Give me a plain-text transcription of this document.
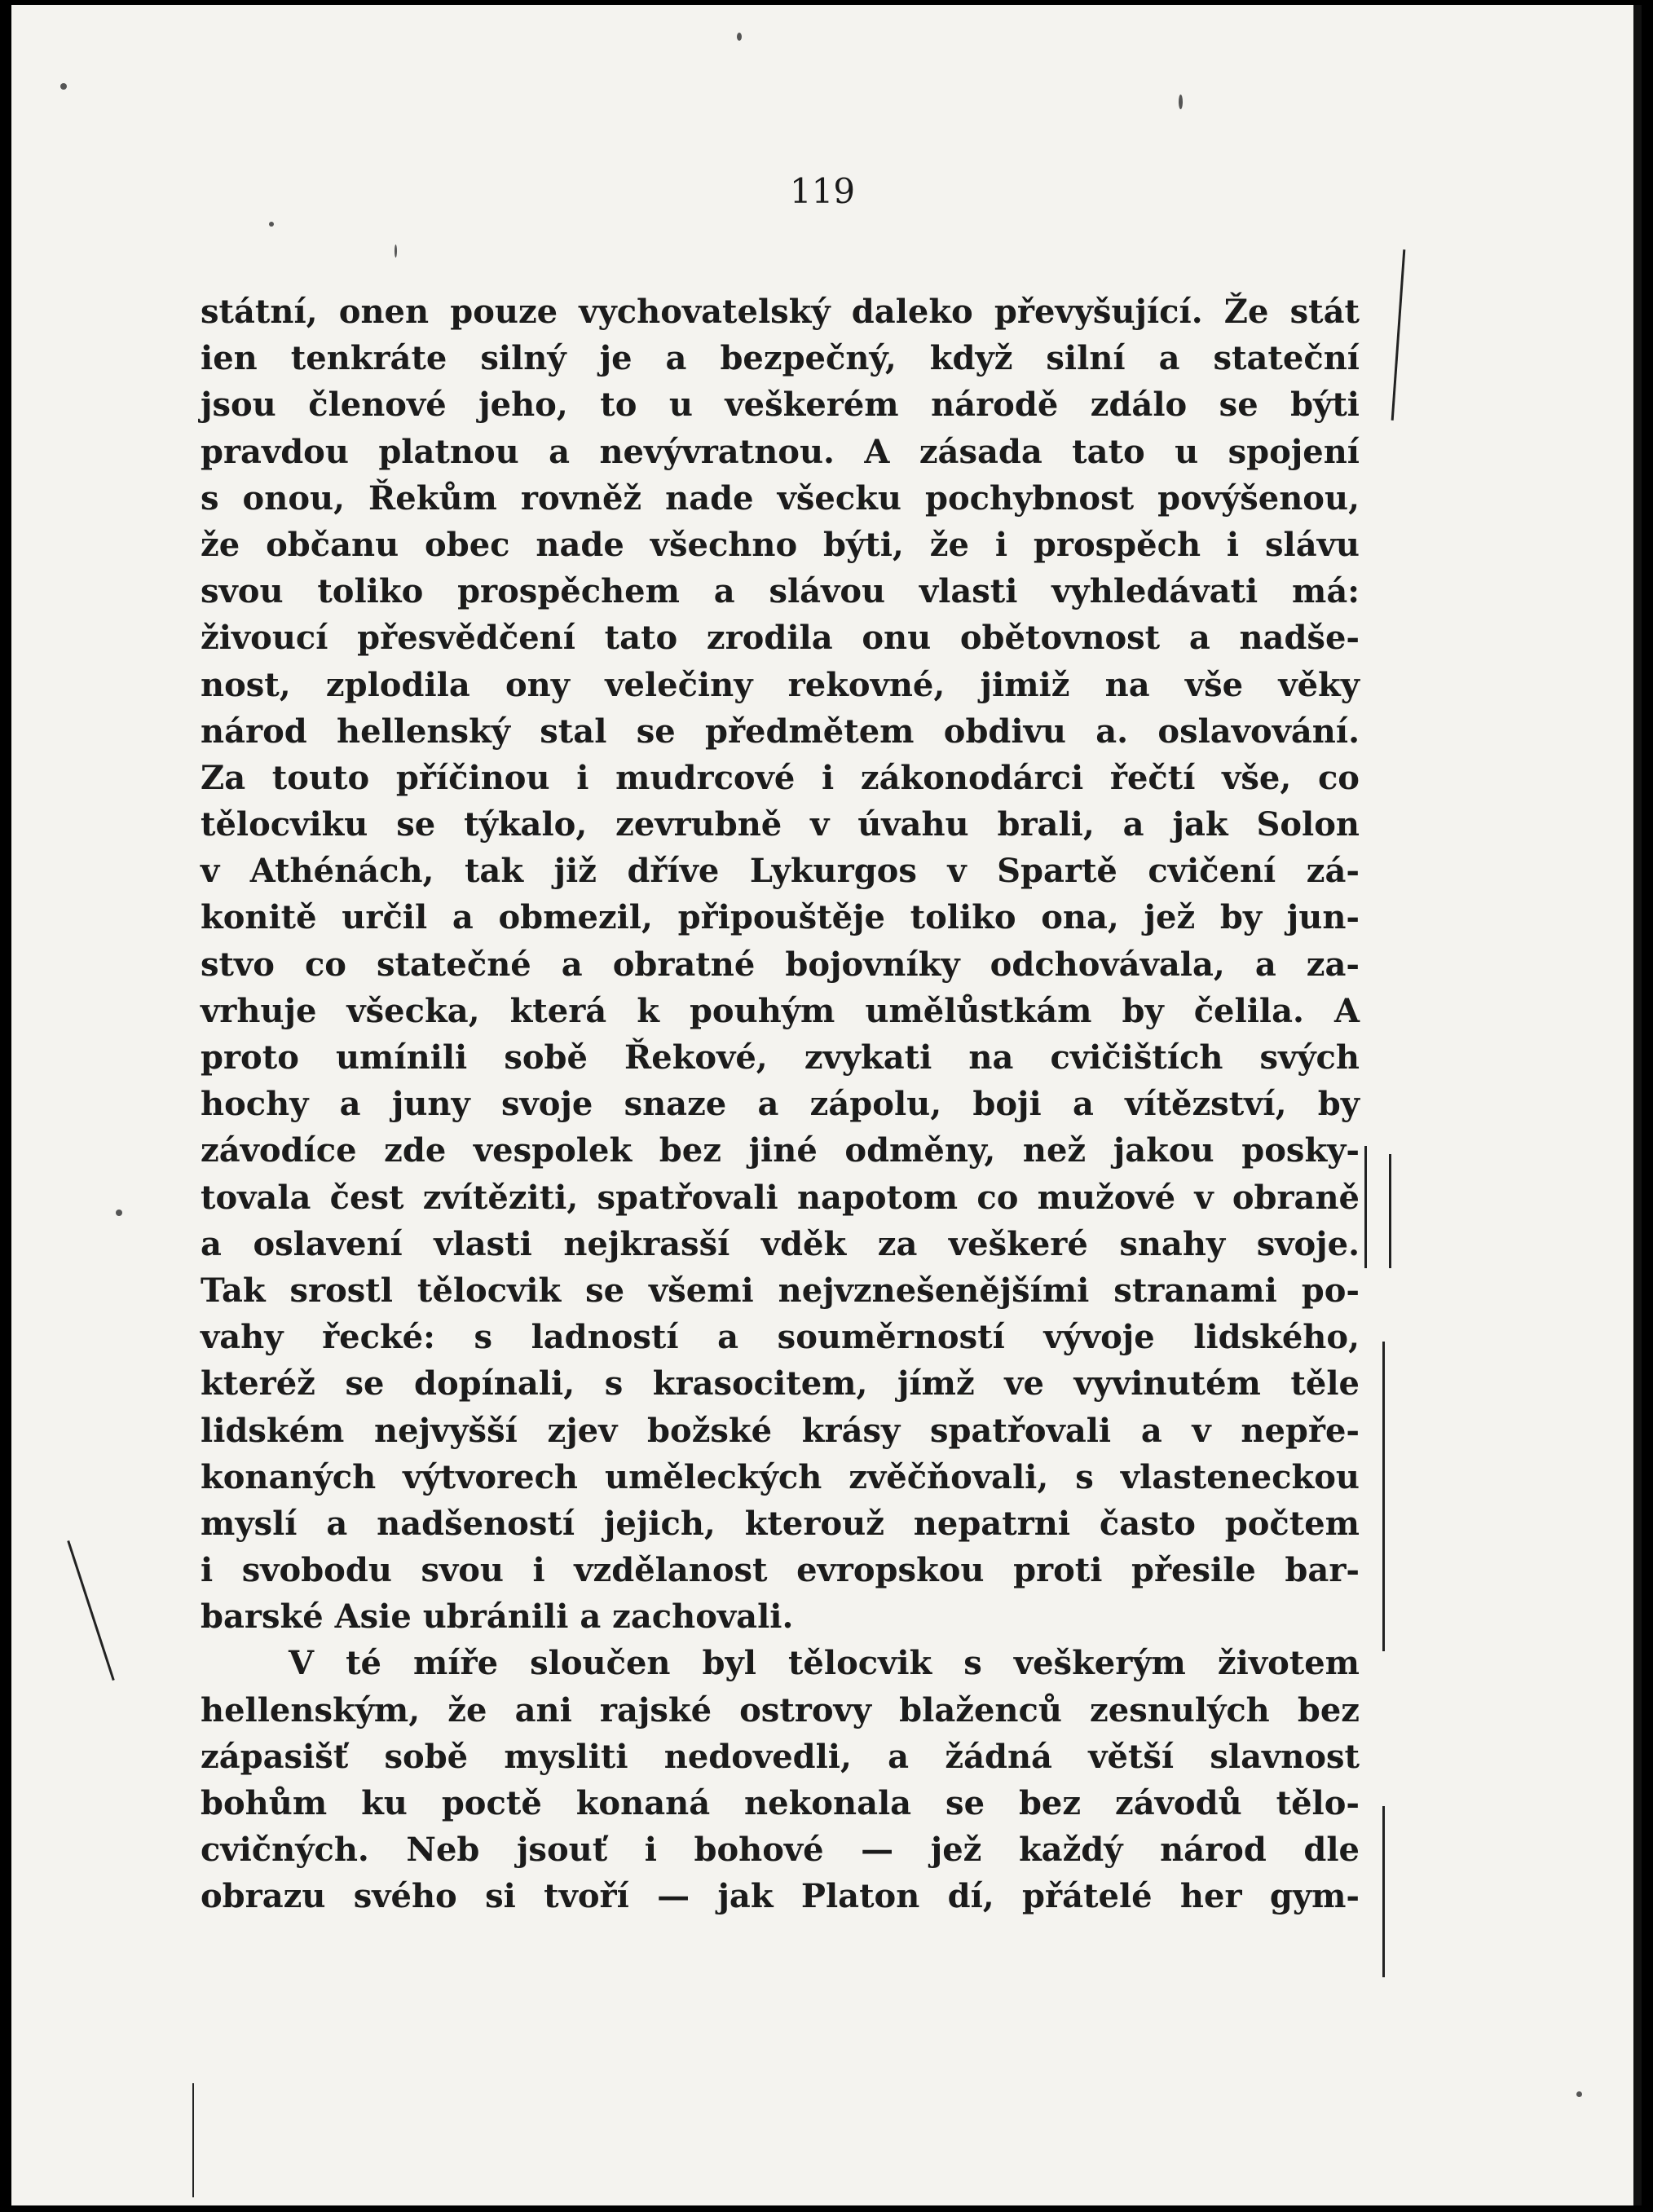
119
státní, onen pouze vychovatelský daleko převyšující. Že stát
ien tenkráte silný je a bezpečný, když silní a stateční
jsou členové jeho, to u veškerém národě zdálo se býti
pravdou platnou a nevývratnou. A zásada tato u spojení
s onou, Řekům rovněž nade všecku pochybnost povýšenou,
že občanu obec nade všechno býti, že i prospěch i slávu
svou toliko prospěchem a slávou vlasti vyhledávati má:
živoucí přesvědčení tato zrodila onu obětovnost a nadše-
nost, zplodila ony velečiny rekovné, jimiž na vše věky
národ hellenský stal se předmětem obdivu a. oslavování.
Za touto příčinou i mudrcové i zákonodárci řečtí vše, co
tělocviku se týkalo, zevrubně v úvahu brali, a jak Solon
v Athénách, tak již dříve Lykurgos v Spartě cvičení zá-
konitě určil a obmezil, připouštěje toliko ona, jež by jun-
stvo co statečné a obratné bojovníky odchovávala, a za-
vrhuje všecka, která k pouhým umělůstkám by čelila. A
proto umínili sobě Řekové, zvykati na cvičištích svých
hochy a juny svoje snaze a zápolu, boji a vítězství, by
závodíce zde vespolek bez jiné odměny, než jakou posky-
tovala čest zvítěziti, spatřovali napotom co mužové v obraně
a oslavení vlasti nejkrasší vděk za veškeré snahy svoje.
Tak srostl tělocvik se všemi nejvznešenějšími stranami po-
vahy řecké: s ladností a souměrností vývoje lidského,
kteréž se dopínali, s krasocitem, jímž ve vyvinutém těle
lidském nejvyšší zjev božské krásy spatřovali a v nepře-
konaných výtvorech uměleckých zvěčňovali, s vlasteneckou
myslí a nadšeností jejich, kterouž nepatrni často počtem
i svobodu svou i vzdělanost evropskou proti přesile bar-
barské Asie ubránili a zachovali.
V té míře sloučen byl tělocvik s veškerým životem
hellenským, že ani rajské ostrovy blaženců zesnulých bez
zápasišť sobě mysliti nedovedli, a žádná větší slavnost
bohům ku poctě konaná nekonala se bez závodů tělo-
cvičných. Neb jsouť i bohové — jež každý národ dle
obrazu svého si tvoří — jak Platon dí, přátelé her gym-
